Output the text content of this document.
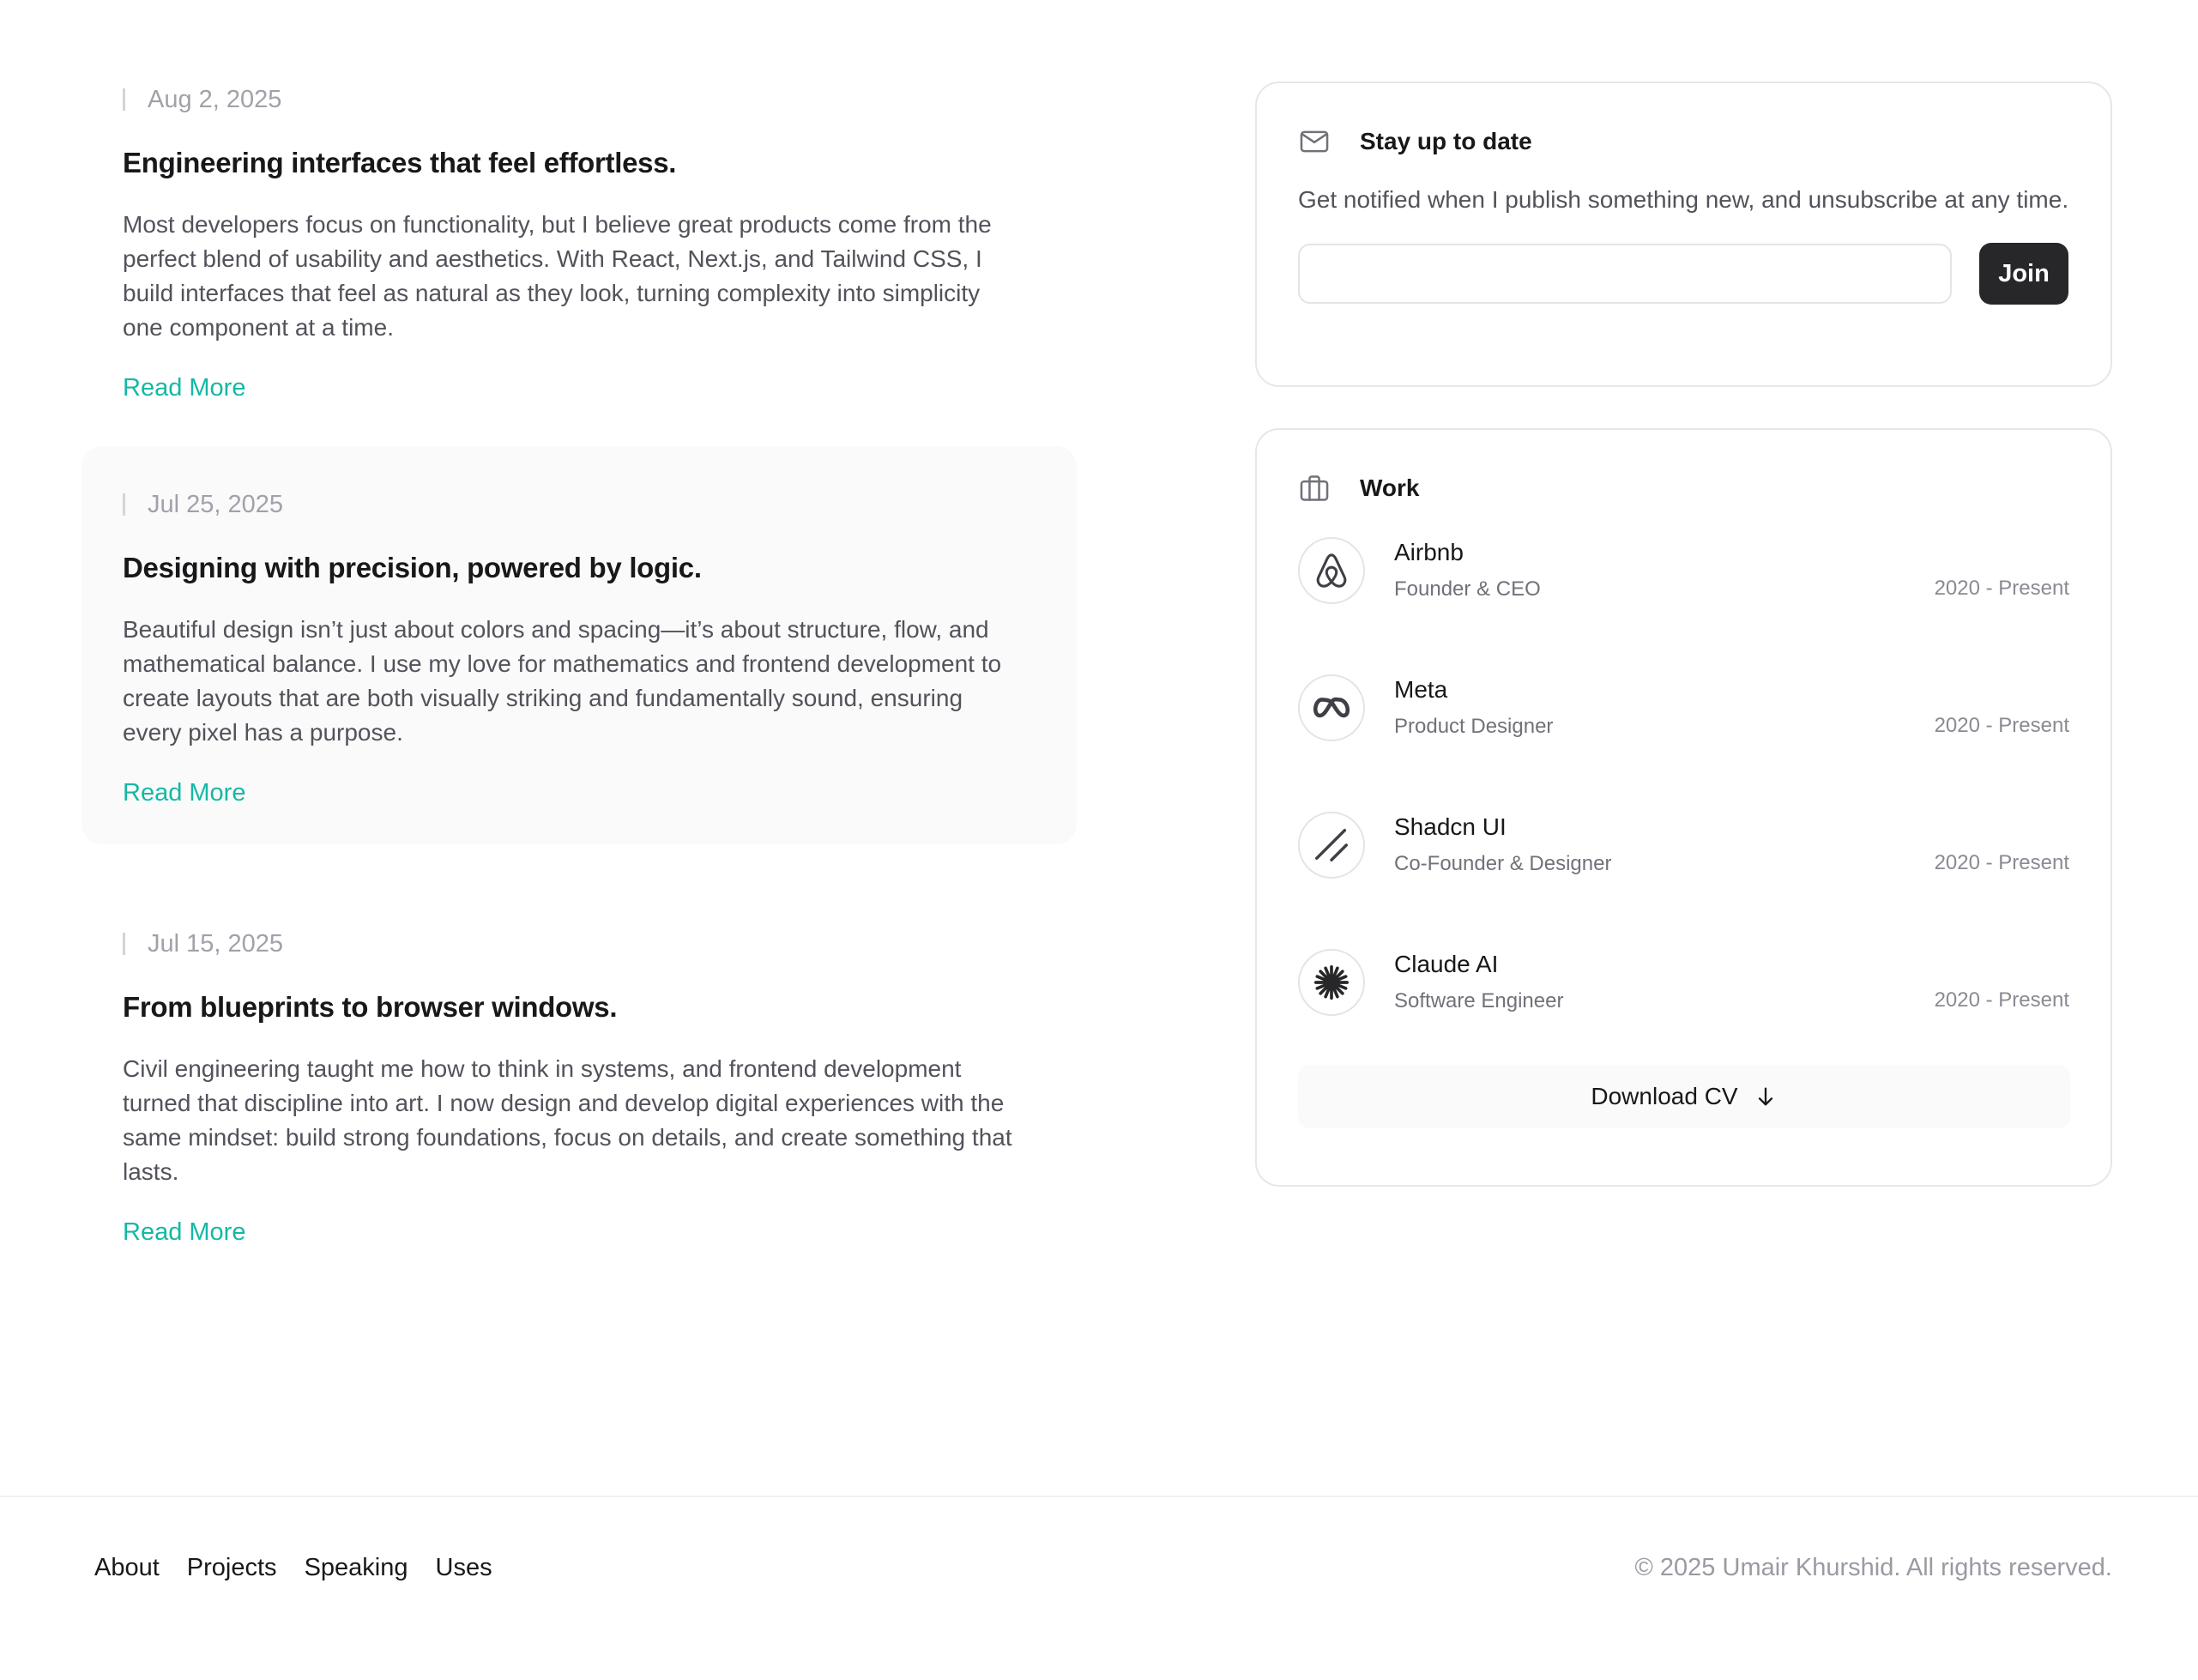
Aug 2, 2025
Engineering interfaces that feel effortless.
Most developers focus on functionality, but I believe great products come from the perfect blend of usability and aesthetics. With React, Next.js, and Tailwind CSS, I build interfaces that feel as natural as they look, turning complexity into simplicity one component at a time.
Read More
Jul 25, 2025
Designing with precision, powered by logic.
Beautiful design isn’t just about colors and spacing—it’s about structure, flow, and mathematical balance. I use my love for mathematics and frontend development to create layouts that are both visually striking and fundamentally sound, ensuring every pixel has a purpose.
Read More
Jul 15, 2025
From blueprints to browser windows.
Civil engineering taught me how to think in systems, and frontend development turned that discipline into art. I now design and develop digital experiences with the same mindset: build strong foundations, focus on details, and create something that lasts.
Read More
Stay up to date
Get notified when I publish something new, and unsubscribe at any time.
Join
Work
Airbnb
Founder & CEO	2020 - Present
Meta
Product Designer	2020 - Present
Shadcn UI
Co-Founder & Designer	2020 - Present
Claude AI
Software Engineer	2020 - Present
Download CV
About Projects Speaking Uses	© 2025 Umair Khurshid. All rights reserved.
